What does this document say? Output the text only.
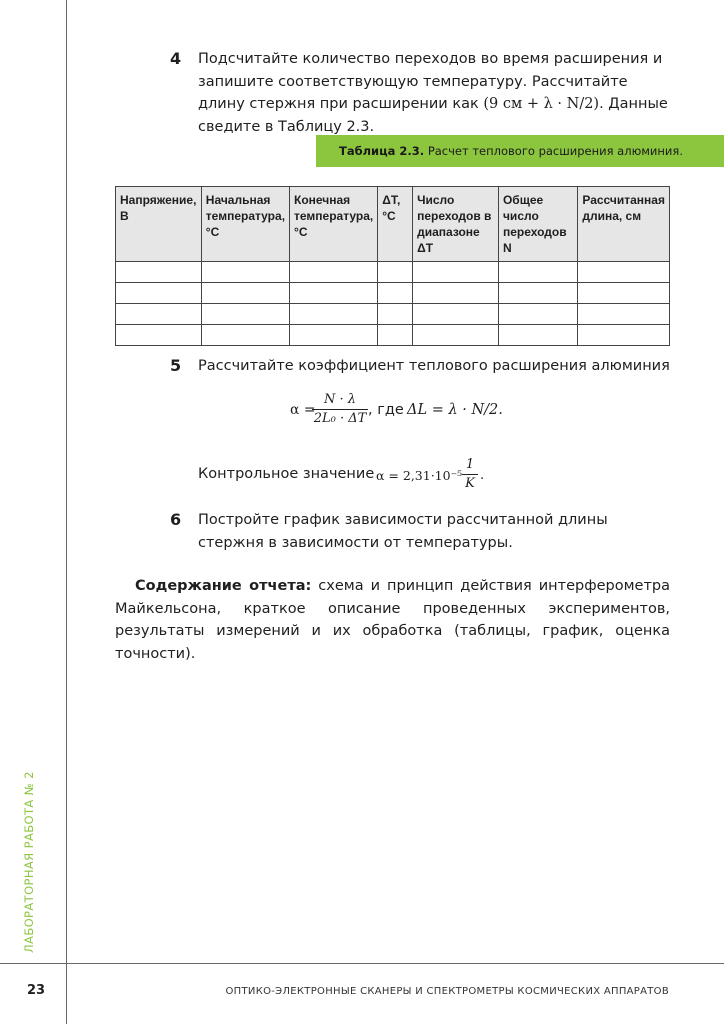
ЛАБОРАТОРНАЯ РАБОТА № 2
23	ОПТИКО-ЭЛЕКТРОННЫЕ СКАНЕРЫ И СПЕКТРОМЕТРЫ КОСМИЧЕСКИХ АППАРАТОВ
4 Подсчитайте количество переходов во время расширения и запишите соответствующую температуру. Рассчитайте длину стержня при расширении как (9 см + λ · N/2). Данные сведите в Таблицу 2.3.
Таблица 2.3. Расчет теплового расширения алюминия.
Напряжение, В	Начальная температура, °С	Конечная температура, °С	ΔТ, °С	Число переходов в диапазоне ΔТ	Общее число переходов N	Рассчитанная длина, см

5 Рассчитайте коэффициент теплового расширения алюминия
α =
N · λ
2L₀ · ΔT
, где ΔL = λ · N/2.
Контрольное значение α = 2,31·10⁻⁵
1
K
.
6 Постройте график зависимости рассчитанной длины стержня в зависимости от температуры.
Содержание отчета: схема и принцип действия интерферометра Майкельсона, краткое описание проведенных экспериментов, результаты измерений и их обработка (таблицы, график, оценка точности).
